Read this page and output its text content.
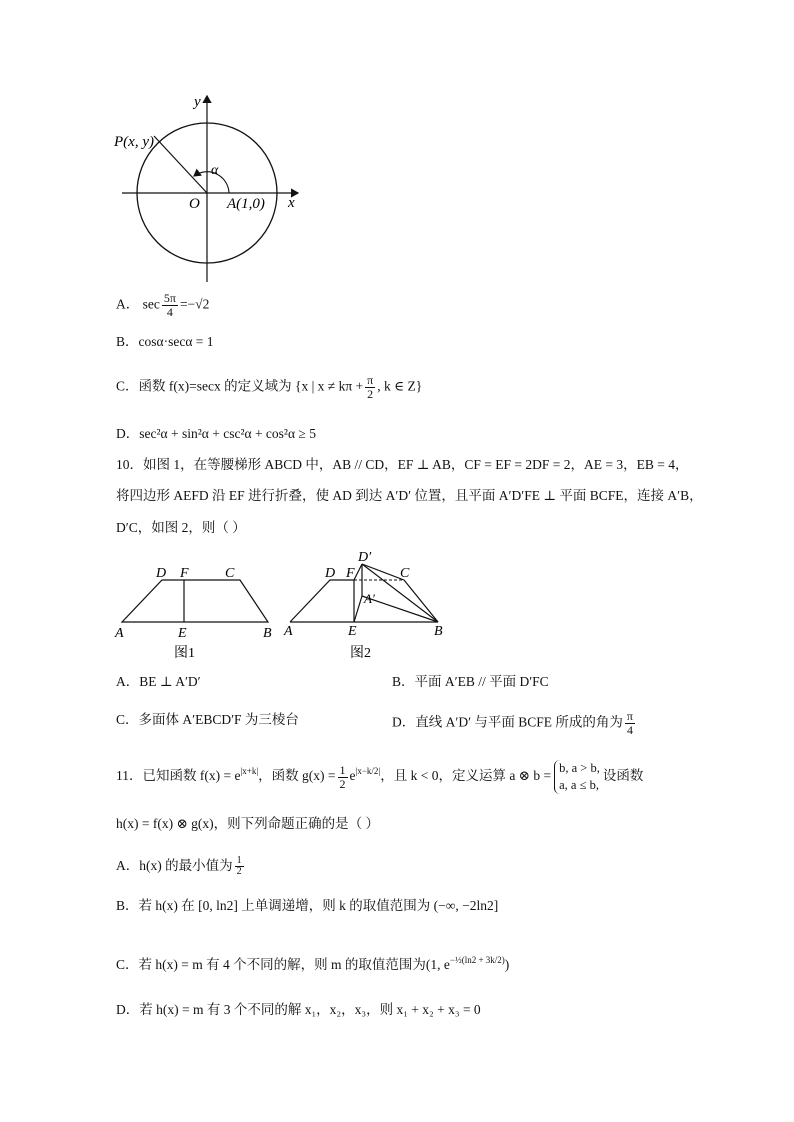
y
x
P(x, y)
α
O A(1,0)
A． $\sec \frac{5\pi}{4} =-√2$
B．cosα·secα = 1
C．函数 f(x)=secx 的定义域为 {x | $x \ne k\pi + \frac{\pi}{2}$ , k ∈ Z}
D．sec²α + sin²α + csc²α + cos²α ≥ 5
10．如图 1，在等腰梯形 ABCD 中，AB // CD，EF ⊥ AB，CF = EF = 2DF = 2，AE = 3，EB = 4，
将四边形 AEFD 沿 EF 进行折叠，使 AD 到达 A′D′ 位置，且平面 A′D′FE ⊥ 平面 BCFE，连接 A′B，
D′C，如图 2，则（ ）
D F	C
A	E	B
图1
D′
D F	C
A′
A	E	B
图2
A．BE ⊥ A′D′	B．平面 A′EB // 平面 D′FC
C．多面体 A′EBCD′F 为三棱台	D．直线 A′D′ 与平面 BCFE 所成的角为 $\frac{\pi}{4}$
11．已知函数 $f(x) = e^{|x+k|}$，函数 $g(x) = \frac{1}{2} e^{|x-k/2|}$，且 k < 0，定义运算 a ⊗ b =
b, a > b,
a, a ≤ b,
设函数
h(x) = f(x) ⊗ g(x)，则下列命题正确的是（ ）
A．h(x) 的最小值为 $\frac{1}{2}$
B．若 h(x) 在 [0, ln2] 上单调递增，则 k 的取值范围为 (−∞, −2ln2]
C．若 h(x) = m 有 4 个不同的解，则 m 的取值范围为(1, $e^{-\frac{1}{2}(ln2 + 3k/2)}$)
D．若 h(x) = m 有 3 个不同的解 x₁，x₂，x₃，则 x₁ + x₂ + x₃ = 0
